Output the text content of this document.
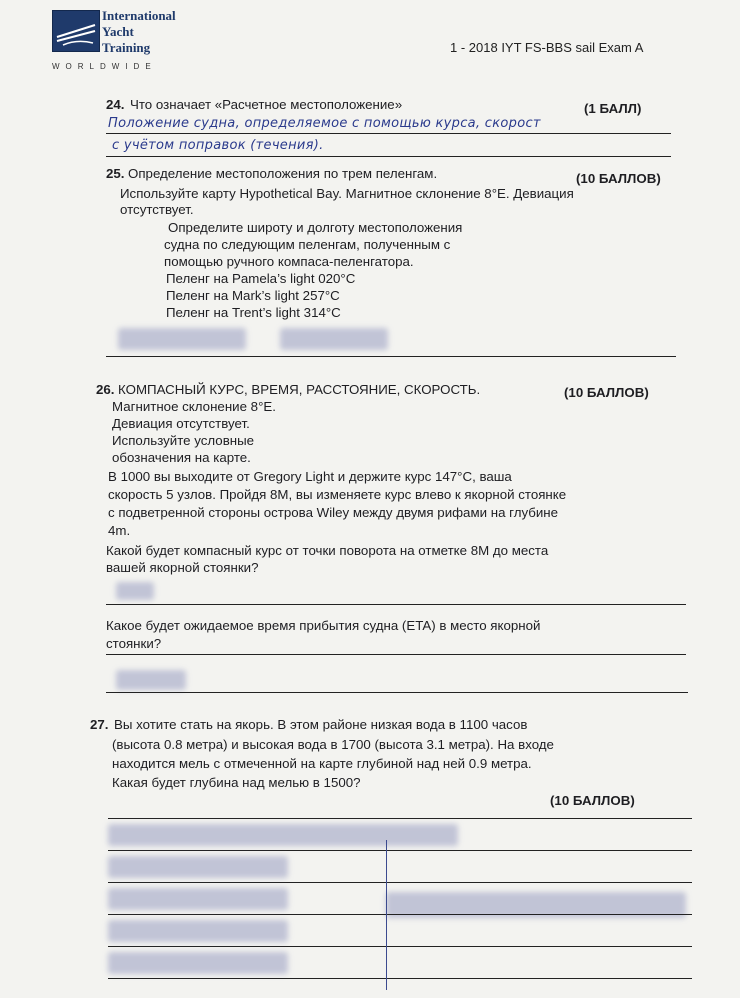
International
Yacht
Training
WORLDWIDE
1 - 2018 IYT FS-BBS sail Exam A
24. Что означает «Расчетное местоположение»	(1 БАЛЛ)
Положение судна, определяемое с помощью курса, скорост
с учётом поправок (течения).
25. Определение местоположения по трем пеленгам.	(10 БАЛЛОВ)
Используйте карту Hypothetical Bay. Магнитное склонение 8°E. Девиация
отсутствует.
Определите широту и долготу местоположения
судна по следующим пеленгам, полученным с
помощью ручного компаса-пеленгатора.
Пеленг на Pamela’s light 020°C
Пеленг на Mark’s light 257°C
Пеленг на Trent’s light 314°C
26. КОМПАСНЫЙ КУРС, ВРЕМЯ, РАССТОЯНИЕ, СКОРОСТЬ.	(10 БАЛЛОВ)
Магнитное склонение 8°E.
Девиация отсутствует.
Используйте условные
обозначения на карте.
В 1000 вы выходите от Gregory Light и держите курс 147°C, ваша
скорость 5 узлов. Пройдя 8M, вы изменяете курс влево к якорной стоянке
с подветренной стороны острова Wiley между двумя рифами на глубине
4m.
Какой будет компасный курс от точки поворота на отметке 8M до места
вашей якорной стоянки?
Какое будет ожидаемое время прибытия судна (ETA) в место якорной
стоянки?
27. Вы хотите стать на якорь. В этом районе низкая вода в 1100 часов
(высота 0.8 метра) и высокая вода в 1700 (высота 3.1 метра). На входе
находится мель с отмеченной на карте глубиной над ней 0.9 метра.
Какая будет глубина над мелью в 1500?
(10 БАЛЛОВ)
